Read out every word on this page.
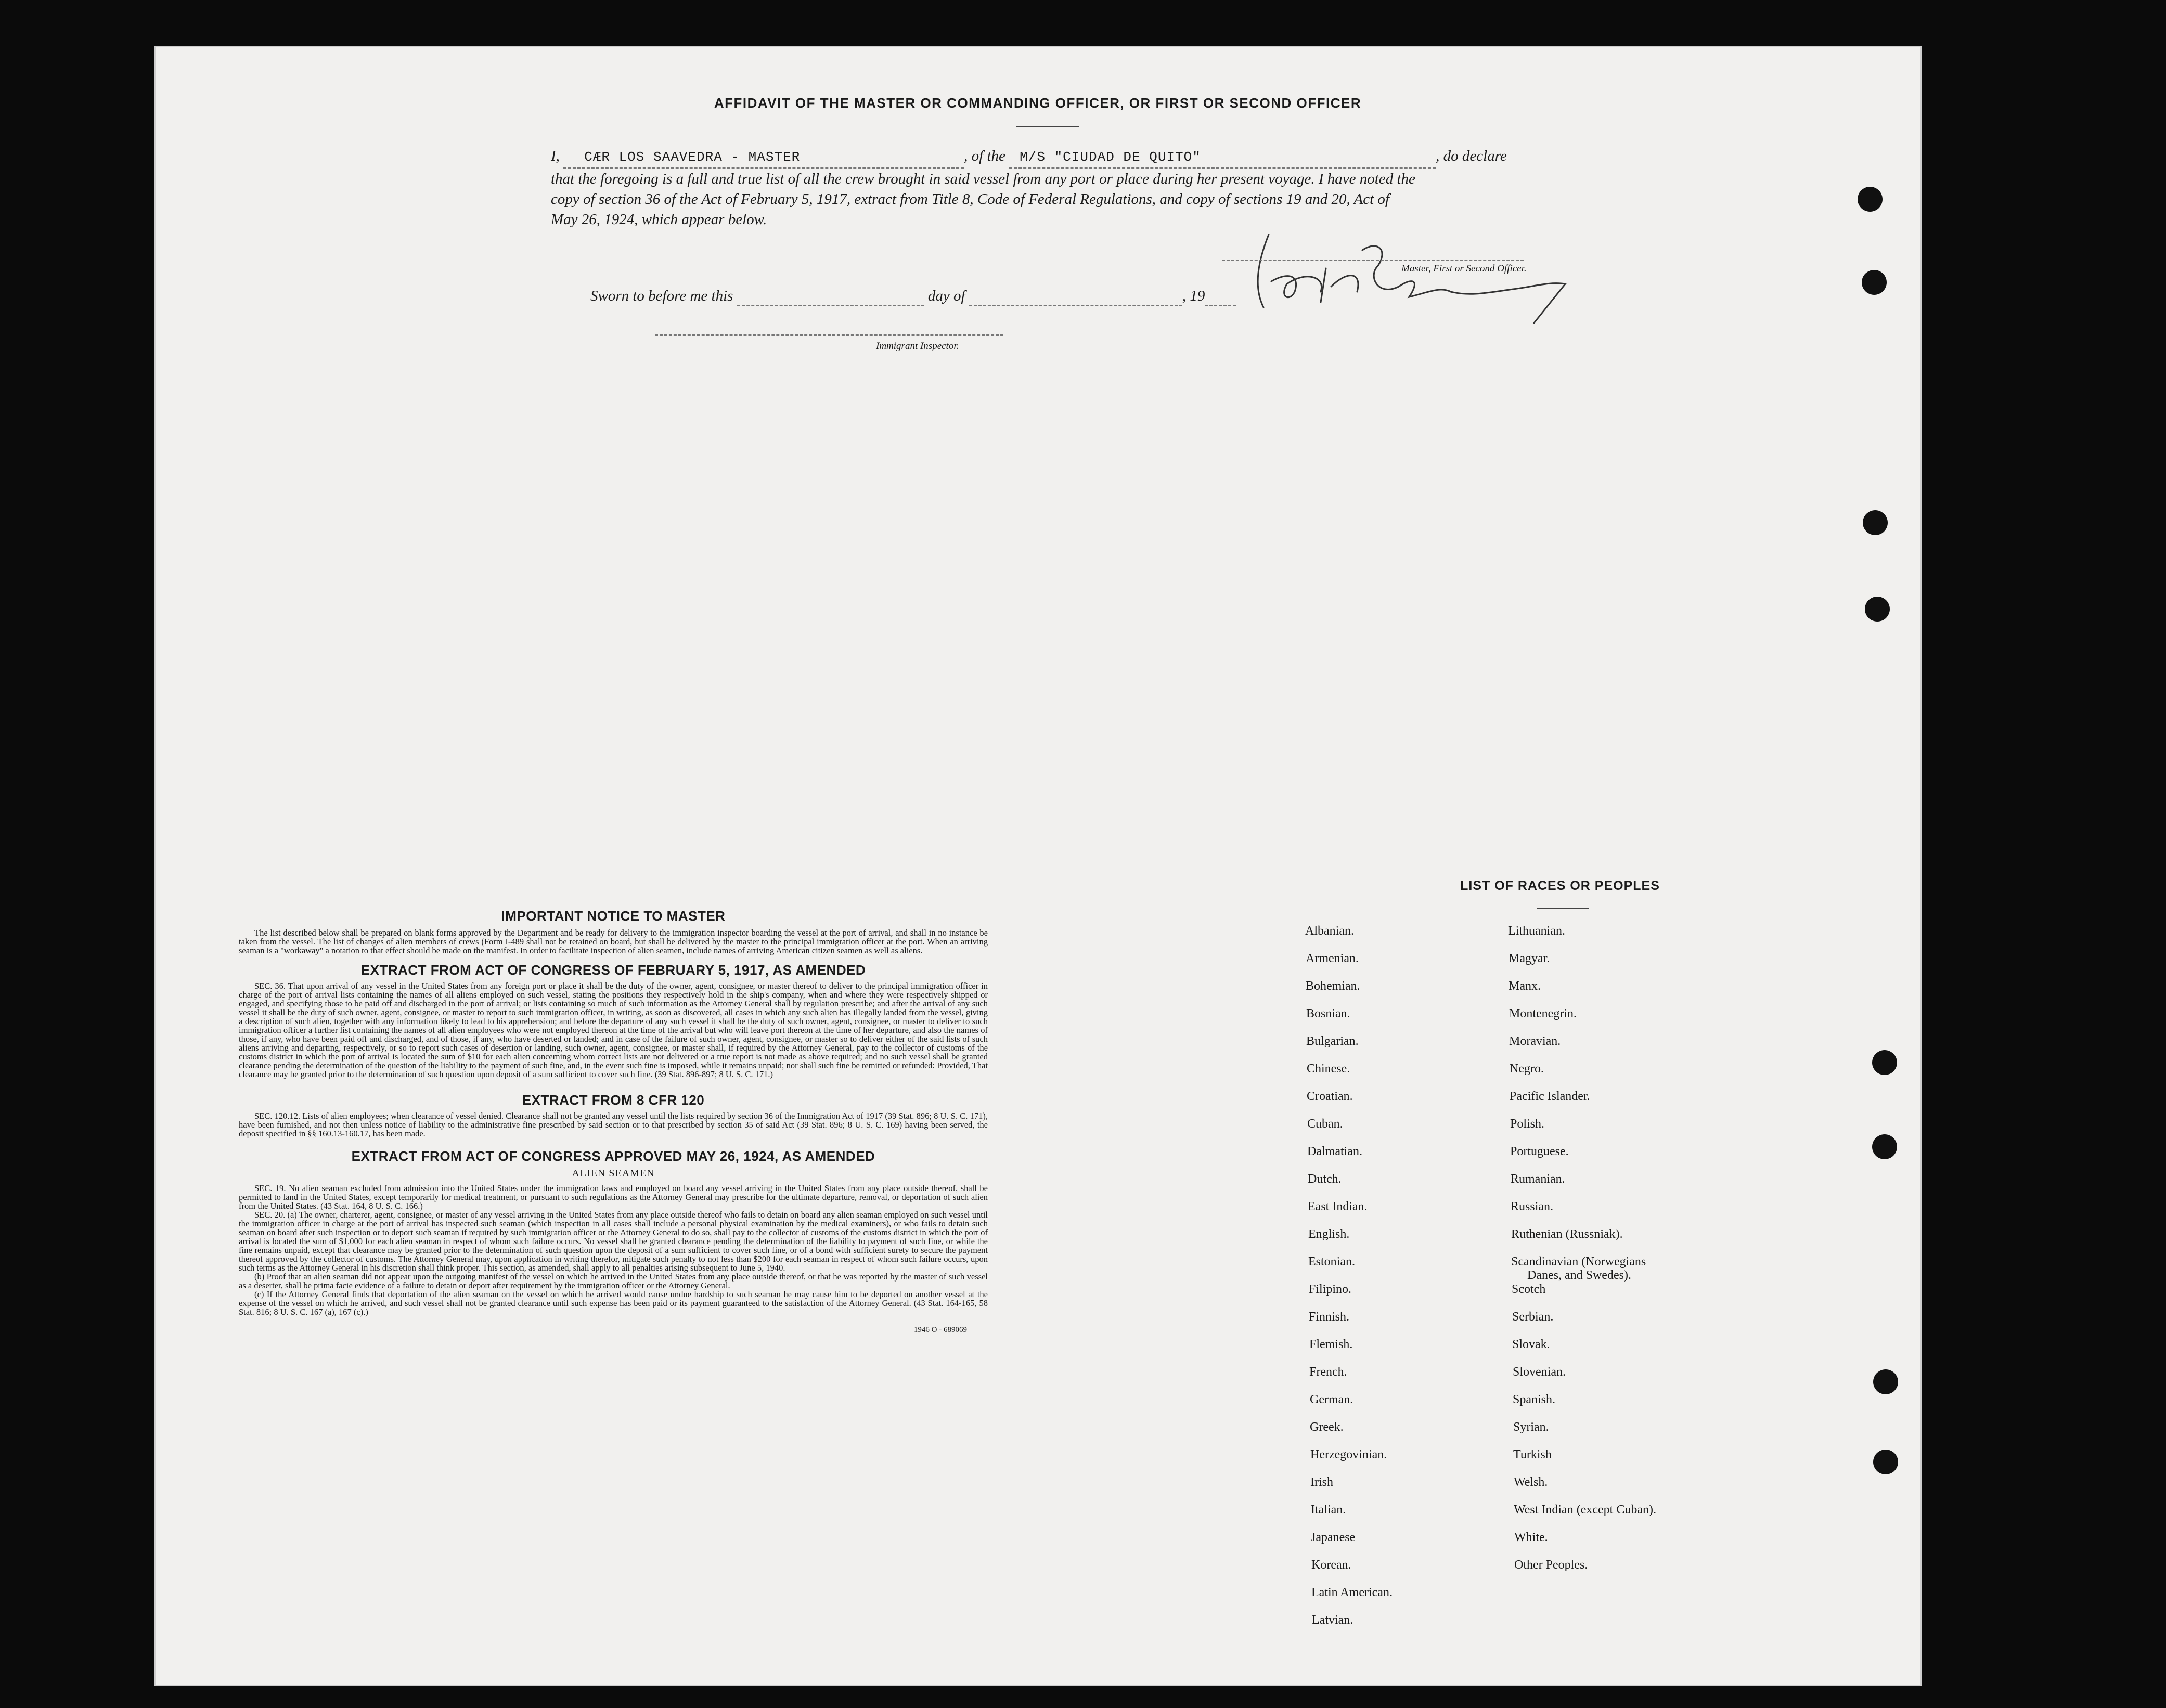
AFFIDAVIT OF THE MASTER OR COMMANDING OFFICER, OR FIRST OR SECOND OFFICER
I, CÆR LOS SAAVEDRA - MASTER	, of the M/S "CIUDAD DE QUITO"	, do declare
that the foregoing is a full and true list of all the crew brought in said vessel from any port or place during her present voyage. I have noted the
copy of section 36 of the Act of February 5, 1917, extract from Title 8, Code of Federal Regulations, and copy of sections 19 and 20, Act of
May 26, 1924, which appear below.
Master, First or Second Officer.
Sworn to before me this	day of	, 19
Immigrant Inspector.
IMPORTANT NOTICE TO MASTER

The list described below shall be prepared on blank forms approved by the Department and be ready for delivery to the immigration inspector boarding the vessel at the port of arrival, and shall in no instance be taken from the vessel. The list of changes of alien members of crews (Form I-489 shall not be retained on board, but shall be delivered by the master to the principal immigration officer at the port. When an arriving seaman is a "workaway" a notation to that effect should be made on the manifest. In order to facilitate inspection of alien seamen, include names of arriving American citizen seamen as well as aliens.

EXTRACT FROM ACT OF CONGRESS OF FEBRUARY 5, 1917, AS AMENDED

SEC. 36. That upon arrival of any vessel in the United States from any foreign port or place it shall be the duty of the owner, agent, consignee, or master thereof to deliver to the principal immigration officer in charge of the port of arrival lists containing the names of all aliens employed on such vessel, stating the positions they respectively hold in the ship's company, when and where they were respectively shipped or engaged, and specifying those to be paid off and discharged in the port of arrival; or lists containing so much of such information as the Attorney General shall by regulation prescribe; and after the arrival of any such vessel it shall be the duty of such owner, agent, consignee, or master to report to such immigration officer, in writing, as soon as discovered, all cases in which any such alien has illegally landed from the vessel, giving a description of such alien, together with any information likely to lead to his apprehension; and before the departure of any such vessel it shall be the duty of such owner, agent, consignee, or master to deliver to such immigration officer a further list containing the names of all alien employees who were not employed thereon at the time of the arrival but who will leave port thereon at the time of her departure, and also the names of those, if any, who have been paid off and discharged, and of those, if any, who have deserted or landed; and in case of the failure of such owner, agent, consignee, or master so to deliver either of the said lists of such aliens arriving and departing, respectively, or so to report such cases of desertion or landing, such owner, agent, consignee, or master shall, if required by the Attorney General, pay to the collector of customs of the customs district in which the port of arrival is located the sum of $10 for each alien concerning whom correct lists are not delivered or a true report is not made as above required; and no such vessel shall be granted clearance pending the determination of the question of the liability to the payment of such fine, and, in the event such fine is imposed, while it remains unpaid; nor shall such fine be remitted or refunded: Provided, That clearance may be granted prior to the determination of such question upon deposit of a sum sufficient to cover such fine. (39 Stat. 896-897; 8 U. S. C. 171.)

EXTRACT FROM 8 CFR 120

SEC. 120.12. Lists of alien employees; when clearance of vessel denied. Clearance shall not be granted any vessel until the lists required by section 36 of the Immigration Act of 1917 (39 Stat. 896; 8 U. S. C. 171), have been furnished, and not then unless notice of liability to the administrative fine prescribed by said section or to that prescribed by section 35 of said Act (39 Stat. 896; 8 U. S. C. 169) having been served, the deposit specified in §§ 160.13-160.17, has been made.

EXTRACT FROM ACT OF CONGRESS APPROVED MAY 26, 1924, AS AMENDED
ALIEN SEAMEN

SEC. 19. No alien seaman excluded from admission into the United States under the immigration laws and employed on board any vessel arriving in the United States from any place outside thereof, shall be permitted to land in the United States, except temporarily for medical treatment, or pursuant to such regulations as the Attorney General may prescribe for the ultimate departure, removal, or deportation of such alien from the United States. (43 Stat. 164, 8 U. S. C. 166.)

SEC. 20. (a) The owner, charterer, agent, consignee, or master of any vessel arriving in the United States from any place outside thereof who fails to detain on board any alien seaman employed on such vessel until the immigration officer in charge at the port of arrival has inspected such seaman (which inspection in all cases shall include a personal physical examination by the medical examiners), or who fails to detain such seaman on board after such inspection or to deport such seaman if required by such immigration officer or the Attorney General to do so, shall pay to the collector of customs of the customs district in which the port of arrival is located the sum of $1,000 for each alien seaman in respect of whom such failure occurs. No vessel shall be granted clearance pending the determination of the liability to payment of such fine, or while the fine remains unpaid, except that clearance may be granted prior to the determination of such question upon the deposit of a sum sufficient to cover such fine, or of a bond with sufficient surety to secure the payment thereof approved by the collector of customs. The Attorney General may, upon application in writing therefor, mitigate such penalty to not less than $200 for each seaman in respect of whom such failure occurs, upon such terms as the Attorney General in his discretion shall think proper. This section, as amended, shall apply to all penalties arising subsequent to June 5, 1940.

(b) Proof that an alien seaman did not appear upon the outgoing manifest of the vessel on which he arrived in the United States from any place outside thereof, or that he was reported by the master of such vessel as a deserter, shall be prima facie evidence of a failure to detain or deport after requirement by the immigration officer or the Attorney General.

(c) If the Attorney General finds that deportation of the alien seaman on the vessel on which he arrived would cause undue hardship to such seaman he may cause him to be deported on another vessel at the expense of the vessel on which he arrived, and such vessel shall not be granted clearance until such expense has been paid or its payment guaranteed to the satisfaction of the Attorney General. (43 Stat. 164-165, 58 Stat. 816; 8 U. S. C. 167 (a), 167 (c).)

1946 O - 689069
LIST OF RACES OR PEOPLES
Albanian.
Armenian.
Bohemian.
Bosnian.
Bulgarian.
Chinese.
Croatian.
Cuban.
Dalmatian.
Dutch.
East Indian.
English.
Estonian.
Filipino.
Finnish.
Flemish.
French.
German.
Greek.
Herzegovinian.
Irish
Italian.
Japanese
Korean.
Latin American.
Latvian.
Lithuanian.
Magyar.
Manx.
Montenegrin.
Moravian.
Negro.
Pacific Islander.
Polish.
Portuguese.
Rumanian.
Russian.
Ruthenian (Russniak).
Scandinavian (Norwegians
Danes, and Swedes).
Scotch
Serbian.
Slovak.
Slovenian.
Spanish.
Syrian.
Turkish
Welsh.
West Indian (except Cuban).
White.
Other Peoples.
